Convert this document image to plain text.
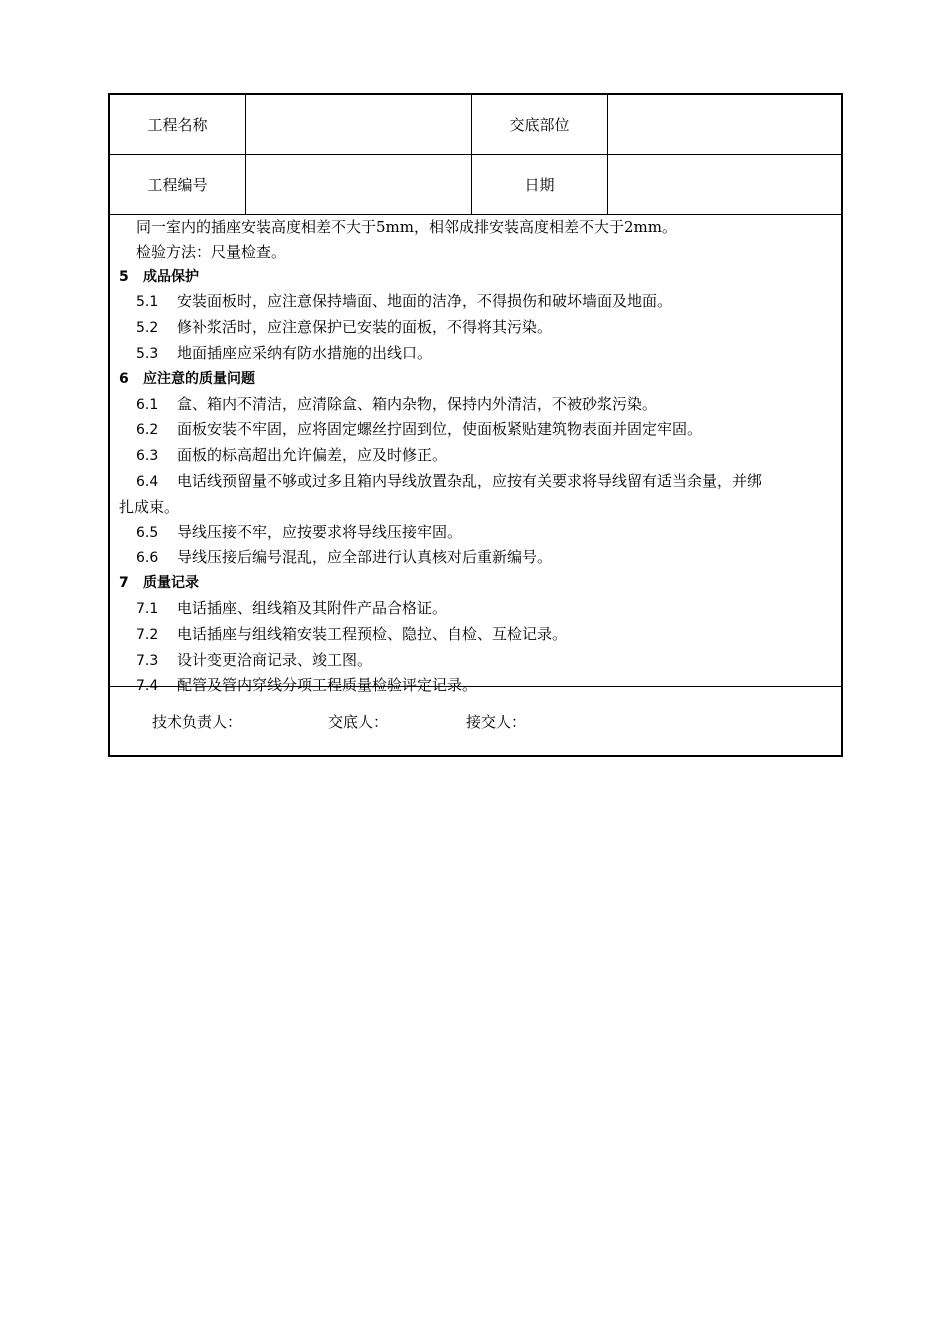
工程名称	交底部位
工程编号	日期
同一室内的插座安装高度相差不大于5mm，相邻成排安装高度相差不大于2mm。
检验方法：尺量检查。
5 成品保护
5.1 安装面板时，应注意保持墙面、地面的洁净，不得损伤和破坏墙面及地面。
5.2 修补浆活时，应注意保护已安装的面板，不得将其污染。
5.3 地面插座应采纳有防水措施的出线口。
6 应注意的质量问题
6.1 盒、箱内不清洁，应清除盒、箱内杂物，保持内外清洁，不被砂浆污染。
6.2 面板安装不牢固，应将固定螺丝拧固到位，使面板紧贴建筑物表面并固定牢固。
6.3 面板的标高超出允许偏差，应及时修正。
6.4 电话线预留量不够或过多且箱内导线放置杂乱，应按有关要求将导线留有适当余量，并绑
扎成束。
6.5 导线压接不牢，应按要求将导线压接牢固。
6.6 导线压接后编号混乱，应全部进行认真核对后重新编号。
7 质量记录
7.1 电话插座、组线箱及其附件产品合格证。
7.2 电话插座与组线箱安装工程预检、隐拉、自检、互检记录。
7.3 设计变更洽商记录、竣工图。
7.4 配管及管内穿线分项工程质量检验评定记录。
技术负责人：	交底人：	接交人：
